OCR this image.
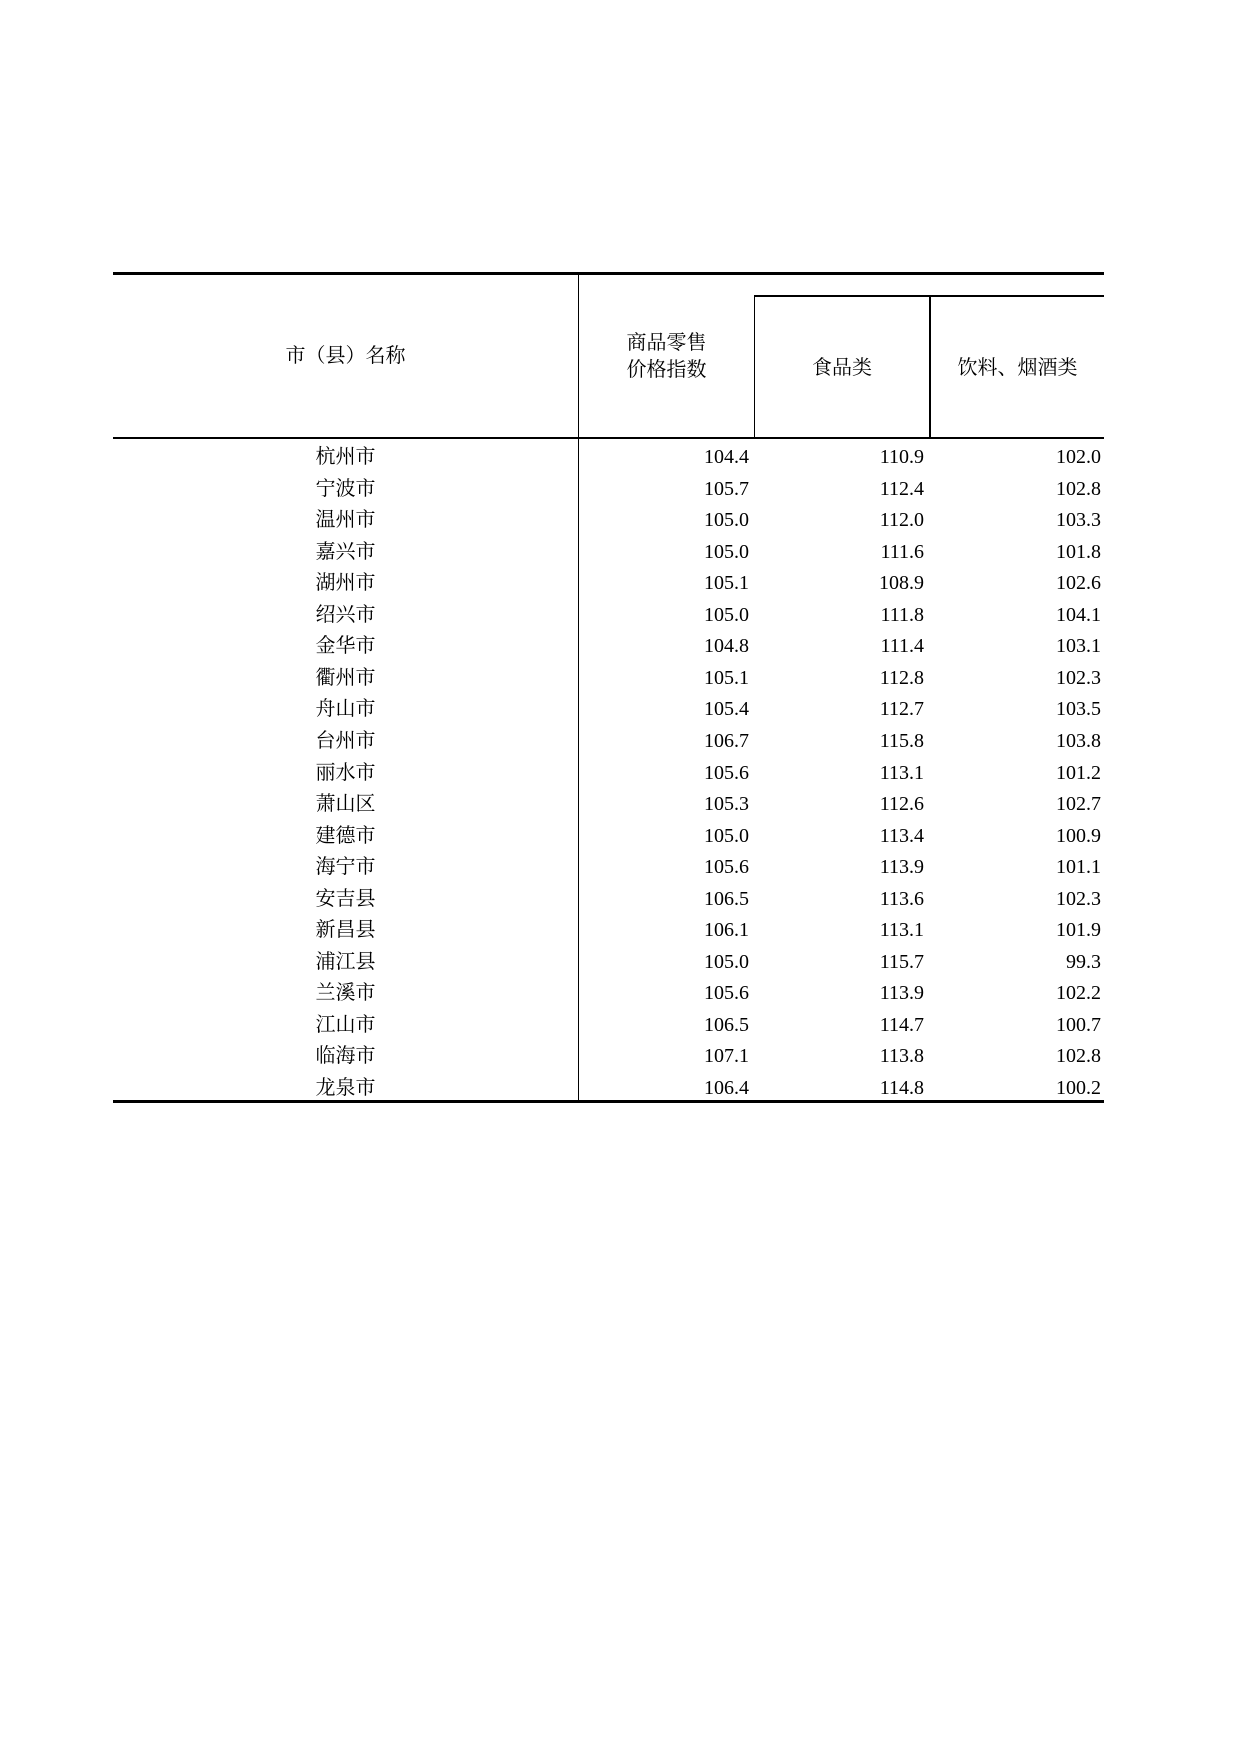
市（县）名称
商品零售
价格指数	食品类	饮料、烟酒类
杭州市	104.4	110.9	102.0
宁波市	105.7	112.4	102.8
温州市	105.0	112.0	103.3
嘉兴市	105.0	111.6	101.8
湖州市	105.1	108.9	102.6
绍兴市	105.0	111.8	104.1
金华市	104.8	111.4	103.1
衢州市	105.1	112.8	102.3
舟山市	105.4	112.7	103.5
台州市	106.7	115.8	103.8
丽水市	105.6	113.1	101.2
萧山区	105.3	112.6	102.7
建德市	105.0	113.4	100.9
海宁市	105.6	113.9	101.1
安吉县	106.5	113.6	102.3
新昌县	106.1	113.1	101.9
浦江县	105.0	115.7	99.3
兰溪市	105.6	113.9	102.2
江山市	106.5	114.7	100.7
临海市	107.1	113.8	102.8
龙泉市	106.4	114.8	100.2
